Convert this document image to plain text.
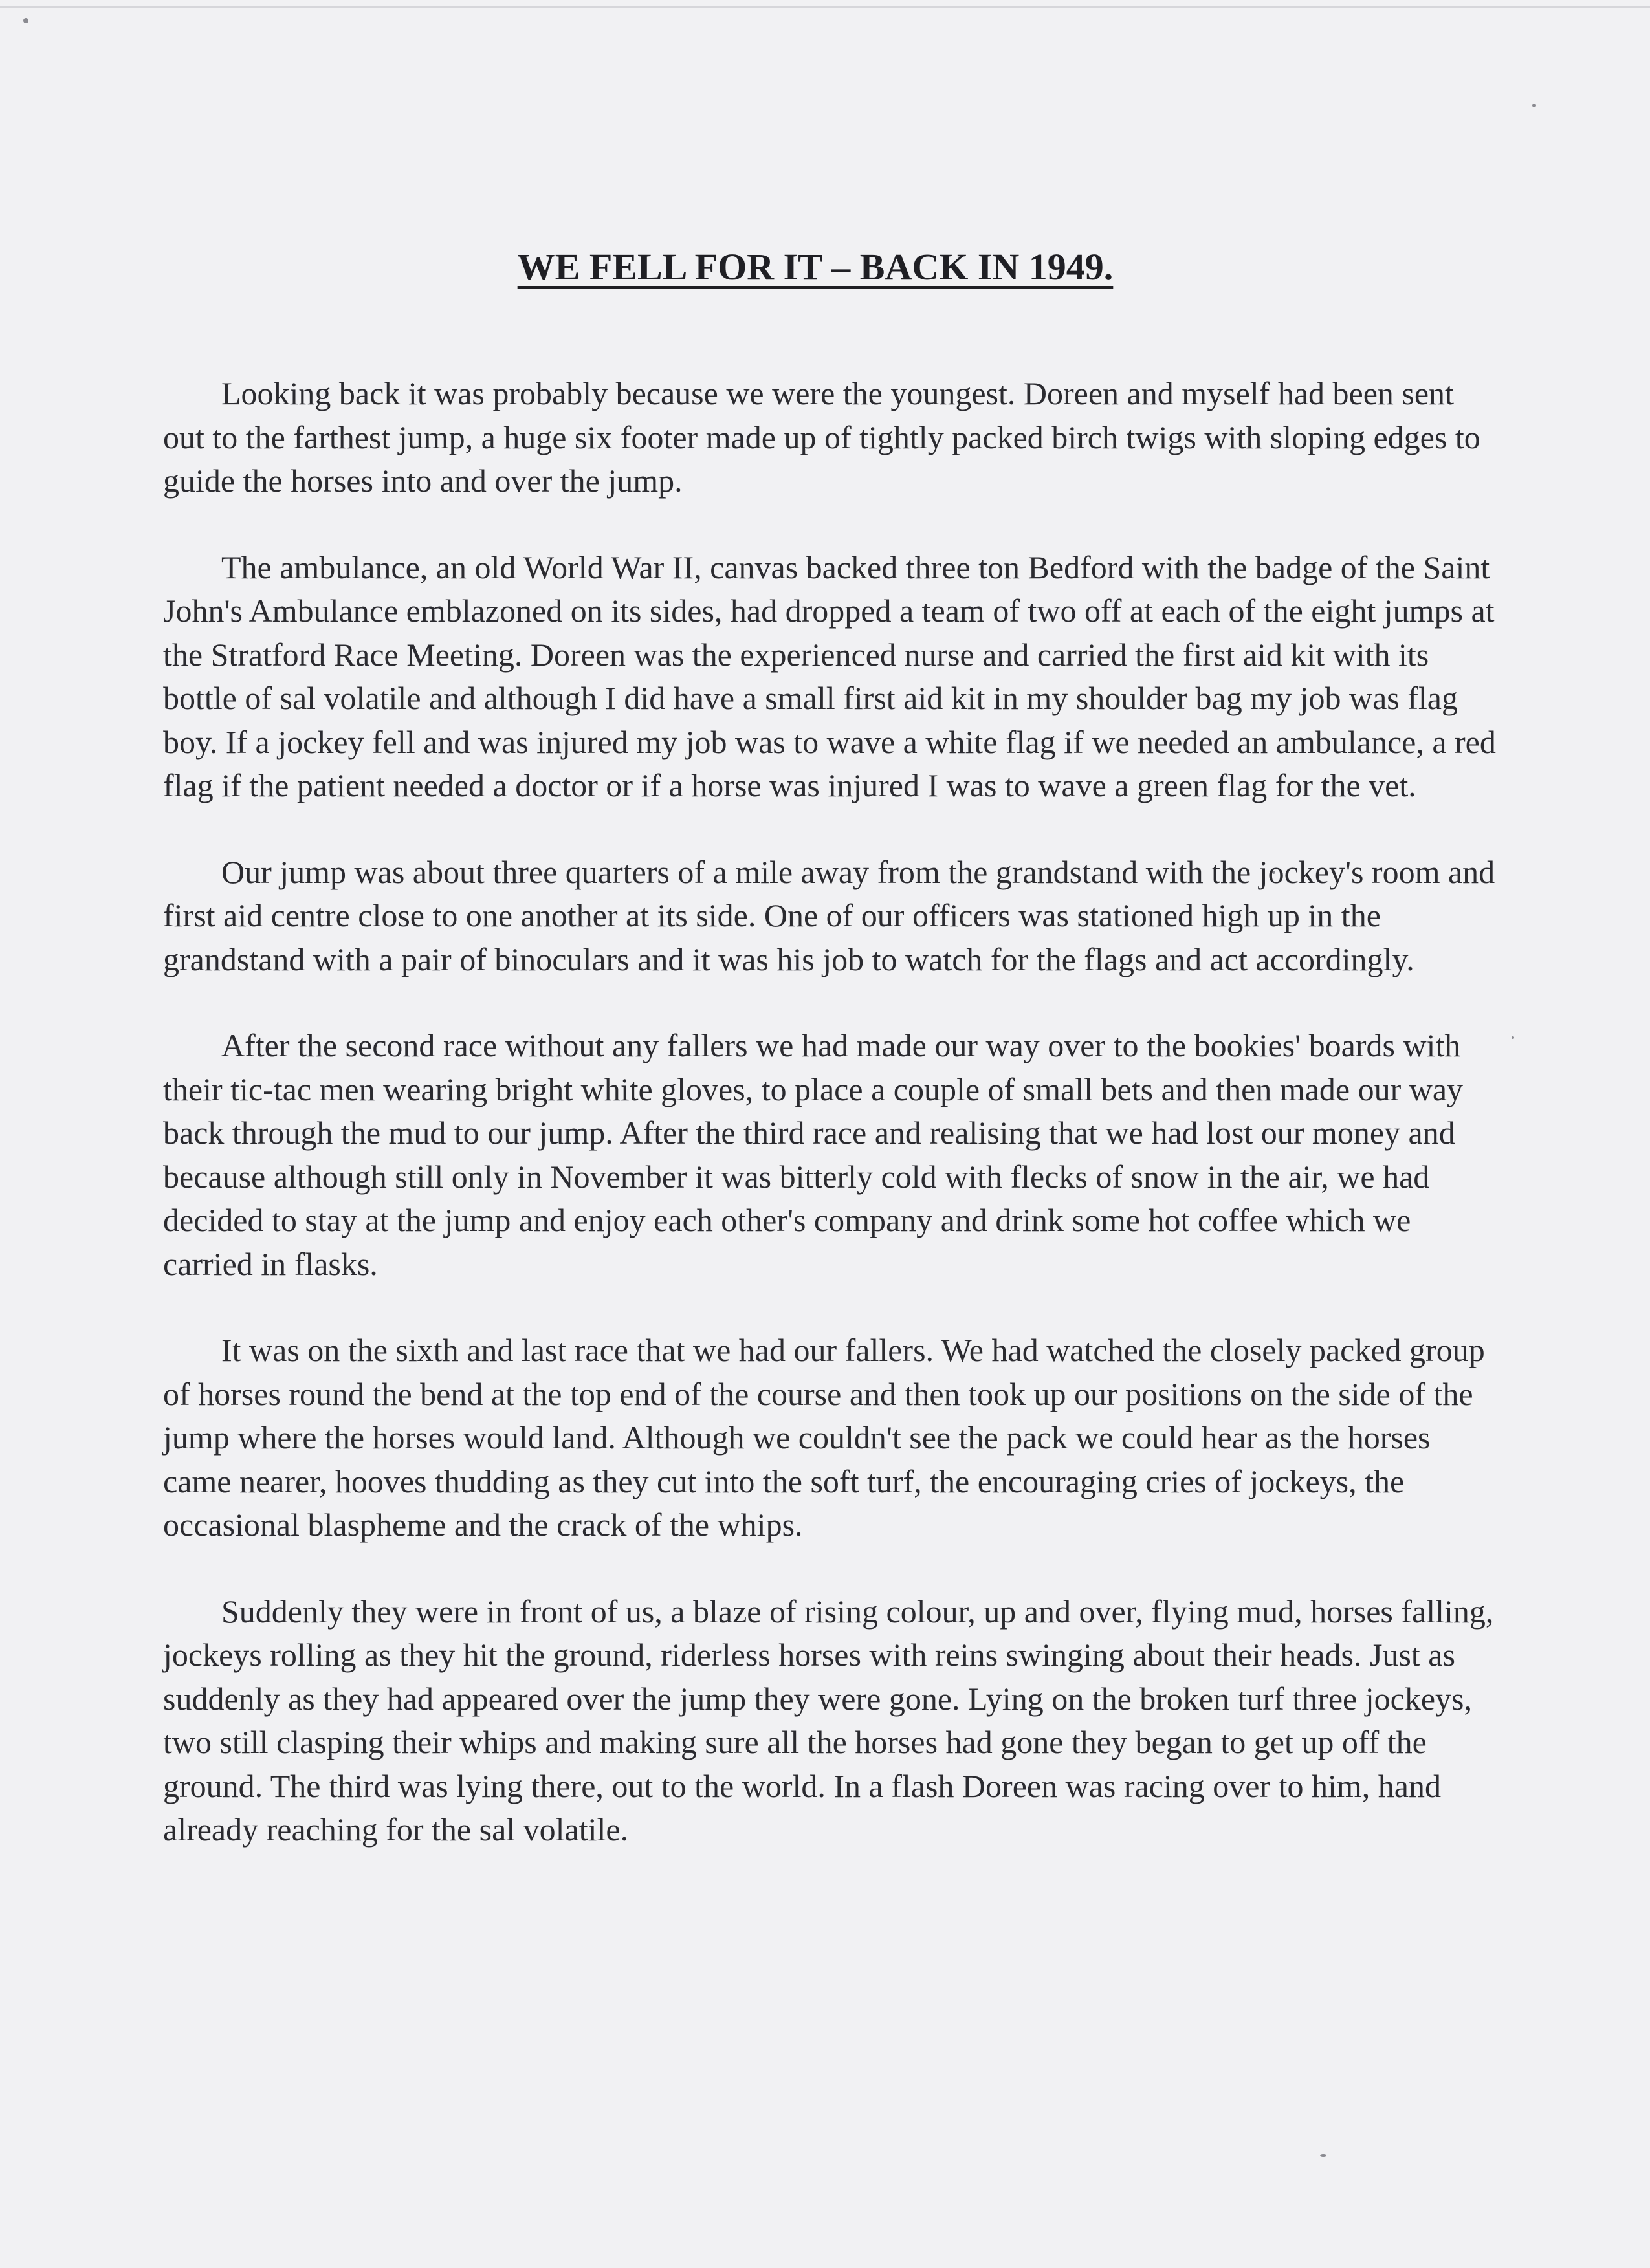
WE FELL FOR IT – BACK IN 1949.

Looking back it was probably because we were the youngest. Doreen and myself had been sent out to the farthest jump, a huge six footer made up of tightly packed birch twigs with sloping edges to guide the horses into and over the jump.

The ambulance, an old World War II, canvas backed three ton Bedford with the badge of the Saint John's Ambulance emblazoned on its sides, had dropped a team of two off at each of the eight jumps at the Stratford Race Meeting. Doreen was the experienced nurse and carried the first aid kit with its bottle of sal volatile and although I did have a small first aid kit in my shoulder bag my job was flag boy. If a jockey fell and was injured my job was to wave a white flag if we needed an ambulance, a red flag if the patient needed a doctor or if a horse was injured I was to wave a green flag for the vet.

Our jump was about three quarters of a mile away from the grandstand with the jockey's room and first aid centre close to one another at its side. One of our officers was stationed high up in the grandstand with a pair of binoculars and it was his job to watch for the flags and act accordingly.

After the second race without any fallers we had made our way over to the bookies' boards with their tic-tac men wearing bright white gloves, to place a couple of small bets and then made our way back through the mud to our jump. After the third race and realising that we had lost our money and because although still only in November it was bitterly cold with flecks of snow in the air, we had decided to stay at the jump and enjoy each other's company and drink some hot coffee which we carried in flasks.

It was on the sixth and last race that we had our fallers. We had watched the closely packed group of horses round the bend at the top end of the course and then took up our positions on the side of the jump where the horses would land. Although we couldn't see the pack we could hear as the horses came nearer, hooves thudding as they cut into the soft turf, the encouraging cries of jockeys, the occasional blaspheme and the crack of the whips.

Suddenly they were in front of us, a blaze of rising colour, up and over, flying mud, horses falling, jockeys rolling as they hit the ground, riderless horses with reins swinging about their heads. Just as suddenly as they had appeared over the jump they were gone. Lying on the broken turf three jockeys, two still clasping their whips and making sure all the horses had gone they began to get up off the ground. The third was lying there, out to the world. In a flash Doreen was racing over to him, hand already reaching for the sal volatile.
